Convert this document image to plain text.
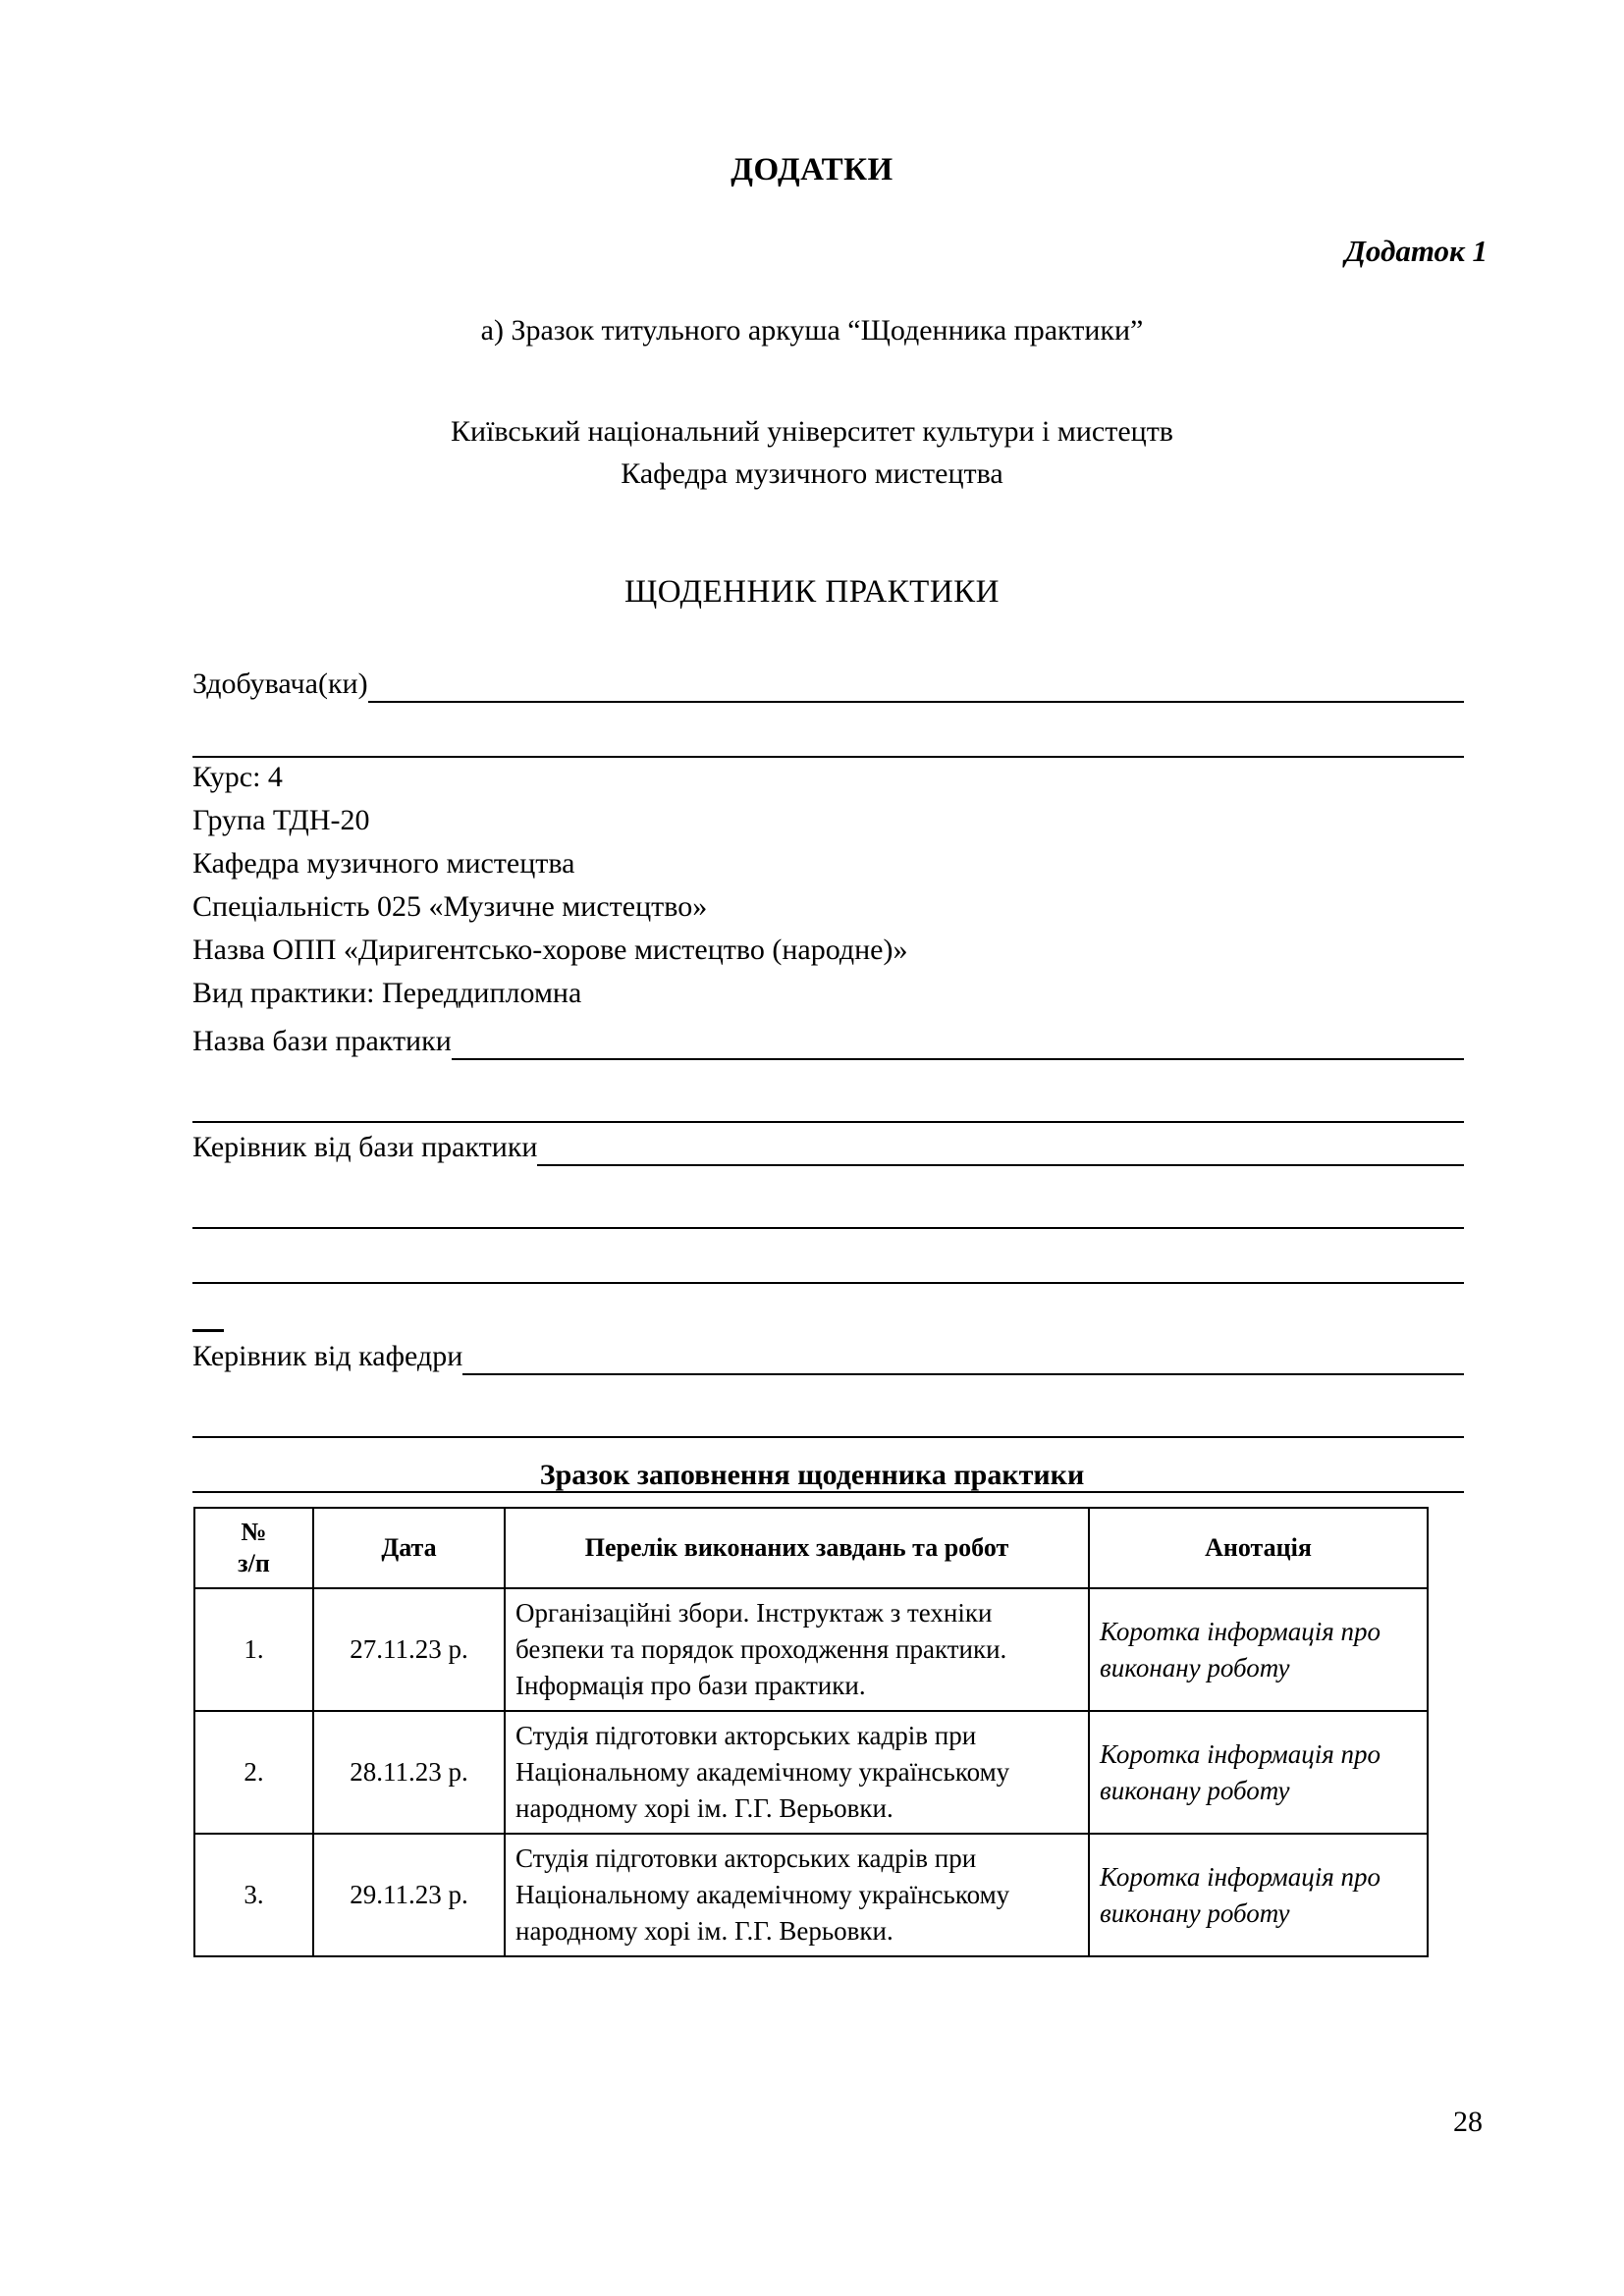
ДОДАТКИ
Додаток 1
а) Зразок титульного аркуша “Щоденника практики”
Київський національний університет культури і мистецтв
Кафедра музичного мистецтва
ЩОДЕННИК ПРАКТИКИ
Здобувача(ки)
Курс: 4
Група ТДН-20
Кафедра музичного мистецтва
Спеціальність 025 «Музичне мистецтво»
Назва ОПП «Диригентсько-хорове мистецтво (народне)»
Вид практики: Переддипломна
Назва бази практики
Керівник від бази практики
Керівник від кафедри
Зразок заповнення щоденника практики
№
з/п	Дата	Перелік виконаних завдань та робот	Анотація
1.	27.11.23 р.	Організаційні збори. Інструктаж з техніки безпеки та порядок проходження практики. Інформація про бази практики.	Коротка інформація про виконану роботу
2.	28.11.23 р.	Студія підготовки акторських кадрів при Національному академічному українському народному хорі ім. Г.Г. Верьовки.	Коротка інформація про виконану роботу
3.	29.11.23 р.	Студія підготовки акторських кадрів при Національному академічному українському народному хорі ім. Г.Г. Верьовки.	Коротка інформація про виконану роботу
28
